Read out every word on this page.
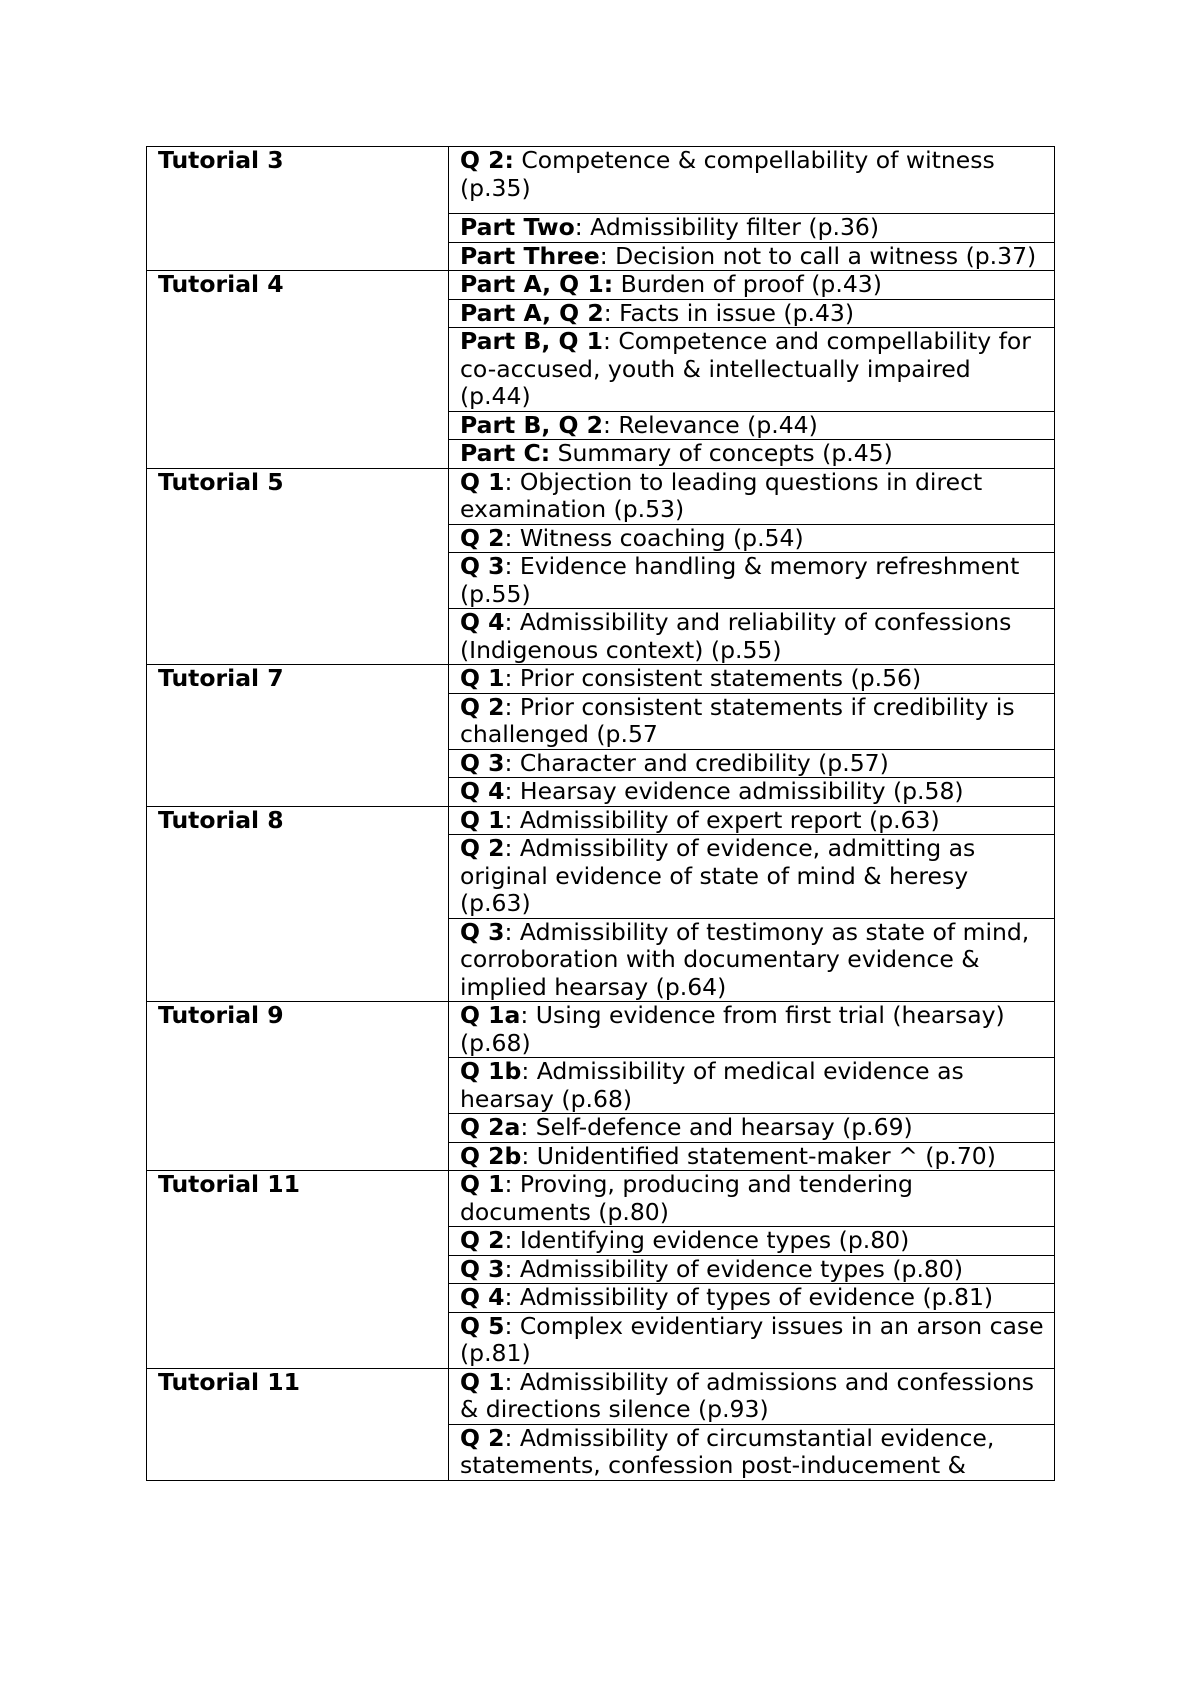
Tutorial 3	Q 2: Competence & compellability of witness (p.35)
	Part Two: Admissibility filter (p.36)
	Part Three: Decision not to call a witness (p.37)
Tutorial 4	Part A, Q 1: Burden of proof (p.43)
	Part A, Q 2: Facts in issue (p.43)
	Part B, Q 1: Competence and compellability for co-accused, youth & intellectually impaired (p.44)
	Part B, Q 2: Relevance (p.44)
	Part C: Summary of concepts (p.45)
Tutorial 5	Q 1: Objection to leading questions in direct examination (p.53)
	Q 2: Witness coaching (p.54)
	Q 3: Evidence handling & memory refreshment (p.55)
	Q 4: Admissibility and reliability of confessions (Indigenous context) (p.55)
Tutorial 7	Q 1: Prior consistent statements (p.56)
	Q 2: Prior consistent statements if credibility is challenged (p.57
	Q 3: Character and credibility (p.57)
	Q 4: Hearsay evidence admissibility (p.58)
Tutorial 8	Q 1: Admissibility of expert report (p.63)
	Q 2: Admissibility of evidence, admitting as original evidence of state of mind & heresy (p.63)
	Q 3: Admissibility of testimony as state of mind, corroboration with documentary evidence & implied hearsay (p.64)
Tutorial 9	Q 1a: Using evidence from first trial (hearsay) (p.68)
	Q 1b: Admissibility of medical evidence as hearsay (p.68)
	Q 2a: Self-defence and hearsay (p.69)
	Q 2b: Unidentified statement-maker ^ (p.70)
Tutorial 11	Q 1: Proving, producing and tendering documents (p.80)
	Q 2: Identifying evidence types (p.80)
	Q 3: Admissibility of evidence types (p.80)
	Q 4: Admissibility of types of evidence (p.81)
	Q 5: Complex evidentiary issues in an arson case (p.81)
Tutorial 11	Q 1: Admissibility of admissions and confessions & directions silence (p.93)
	Q 2: Admissibility of circumstantial evidence, statements, confession post-inducement &
